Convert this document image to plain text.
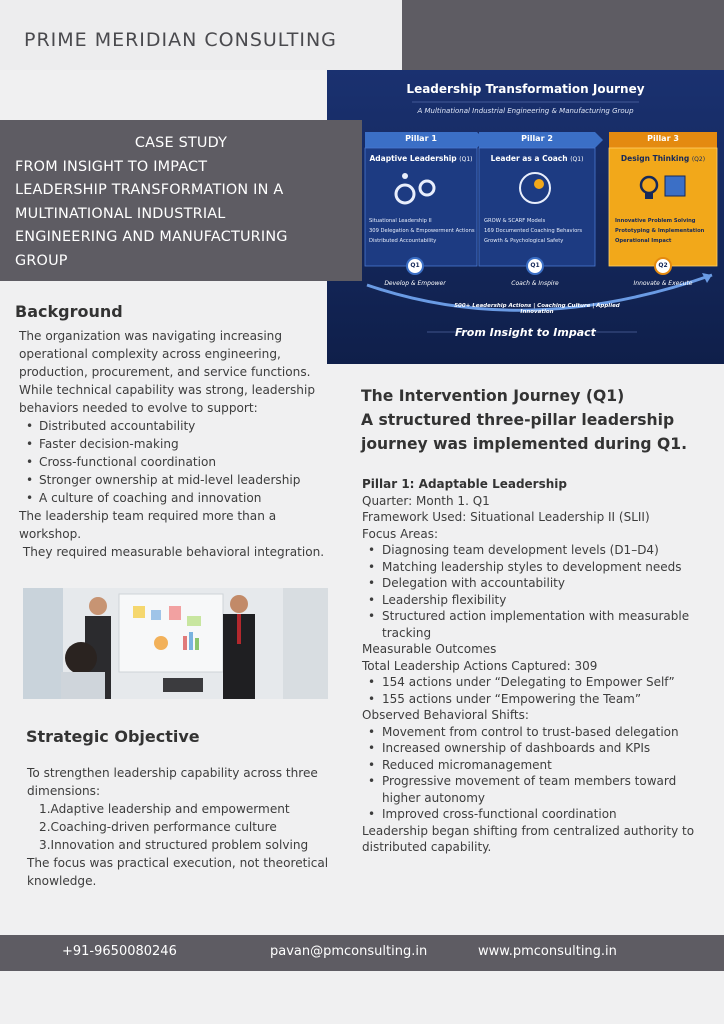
PRIME MERIDIAN CONSULTING
Leadership Transformation Journey
A Multinational Industrial Engineering & Manufacturing Group
Pillar 1
Adaptive Leadership (Q1)
Situational Leadership II
309 Delegation & Empowerment Actions
Distributed Accountability
Pillar 2
Leader as a Coach (Q1)
GROW & SCARF Models
169 Documented Coaching Behaviors
Growth & Psychological Safety
Pillar 3
Design Thinking (Q2)
Innovative Problem Solving
Prototyping & Implementation
Operational Impact
Q1	Q1	Q2
Develop & Empower	Coach & Inspire	Innovate & Execute
500+ Leadership Actions | Coaching Culture | Applied Innovation
From Insight to Impact
CASE STUDY
FROM INSIGHT TO IMPACT
LEADERSHIP TRANSFORMATION IN A
MULTINATIONAL INDUSTRIAL
ENGINEERING AND MANUFACTURING
GROUP
Background

The organization was navigating increasing operational complexity across engineering, production, procurement, and service functions. While technical capability was strong, leadership behaviors needed to evolve to support:

• Distributed accountability
• Faster decision-making
• Cross-functional coordination
• Stronger ownership at mid-level leadership
• A culture of coaching and innovation

The leadership team required more than a workshop.

They required measurable behavioral integration.

Strategic Objective

To strengthen leadership capability across three dimensions:

1.Adaptive leadership and empowerment
2.Coaching-driven performance culture
3.Innovation and structured problem solving

The focus was practical execution, not theoretical knowledge.

The Intervention Journey (Q1)
A structured three-pillar leadership
journey was implemented during Q1.
Pillar 1: Adaptable Leadership
Quarter: Month 1. Q1
Framework Used: Situational Leadership II (SLII)
Focus Areas:
• Diagnosing team development levels (D1–D4)
• Matching leadership styles to development needs
• Delegation with accountability
• Leadership flexibility
• Structured action implementation with measurable tracking
Measurable Outcomes
Total Leadership Actions Captured: 309
• 154 actions under “Delegating to Empower Self”
• 155 actions under “Empowering the Team”
Observed Behavioral Shifts:
• Movement from control to trust-based delegation
• Increased ownership of dashboards and KPIs
• Reduced micromanagement
• Progressive movement of team members toward higher autonomy
• Improved cross-functional coordination
Leadership began shifting from centralized authority to distributed capability.
+91-9650080246	pavan@pmconsulting.in	www.pmconsulting.in
